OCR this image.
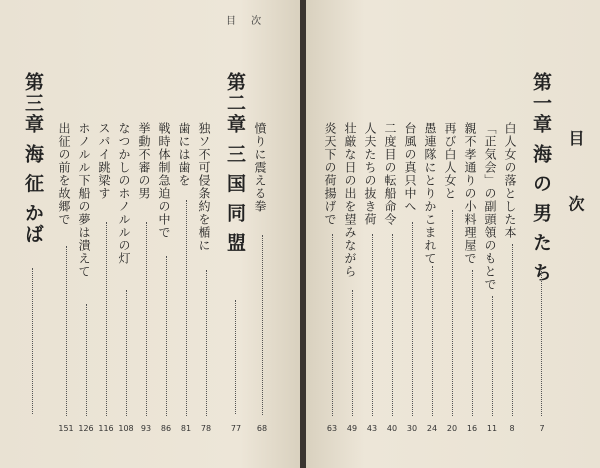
目 次
憤りに震える拳
68
第二章 三 国 同 盟
77
独ソ不可侵条約を楯に
78
歯には歯を
81
戦時体制急迫の中で
86
挙動不審の男
93
なつかしのホノルルの灯
108
スパイ跳梁す
116
ホノルル下船の夢は潰えて
126
出征の前を故郷で
151
第三章 海 征 かば	目 次
第一章 海 の 男 た ち
7
白人女の落とした本
8
「正気会」の副頭領のもとで
11
親不孝通りの小料理屋で
16
再び白人女と
20
愚連隊にとりかこまれて
24
台風の真只中へ
30
二度目の転船命令
40
人夫たちの抜き荷
43
壮厳な日の出を望みながら
49
炎天下の荷揚げで
63
